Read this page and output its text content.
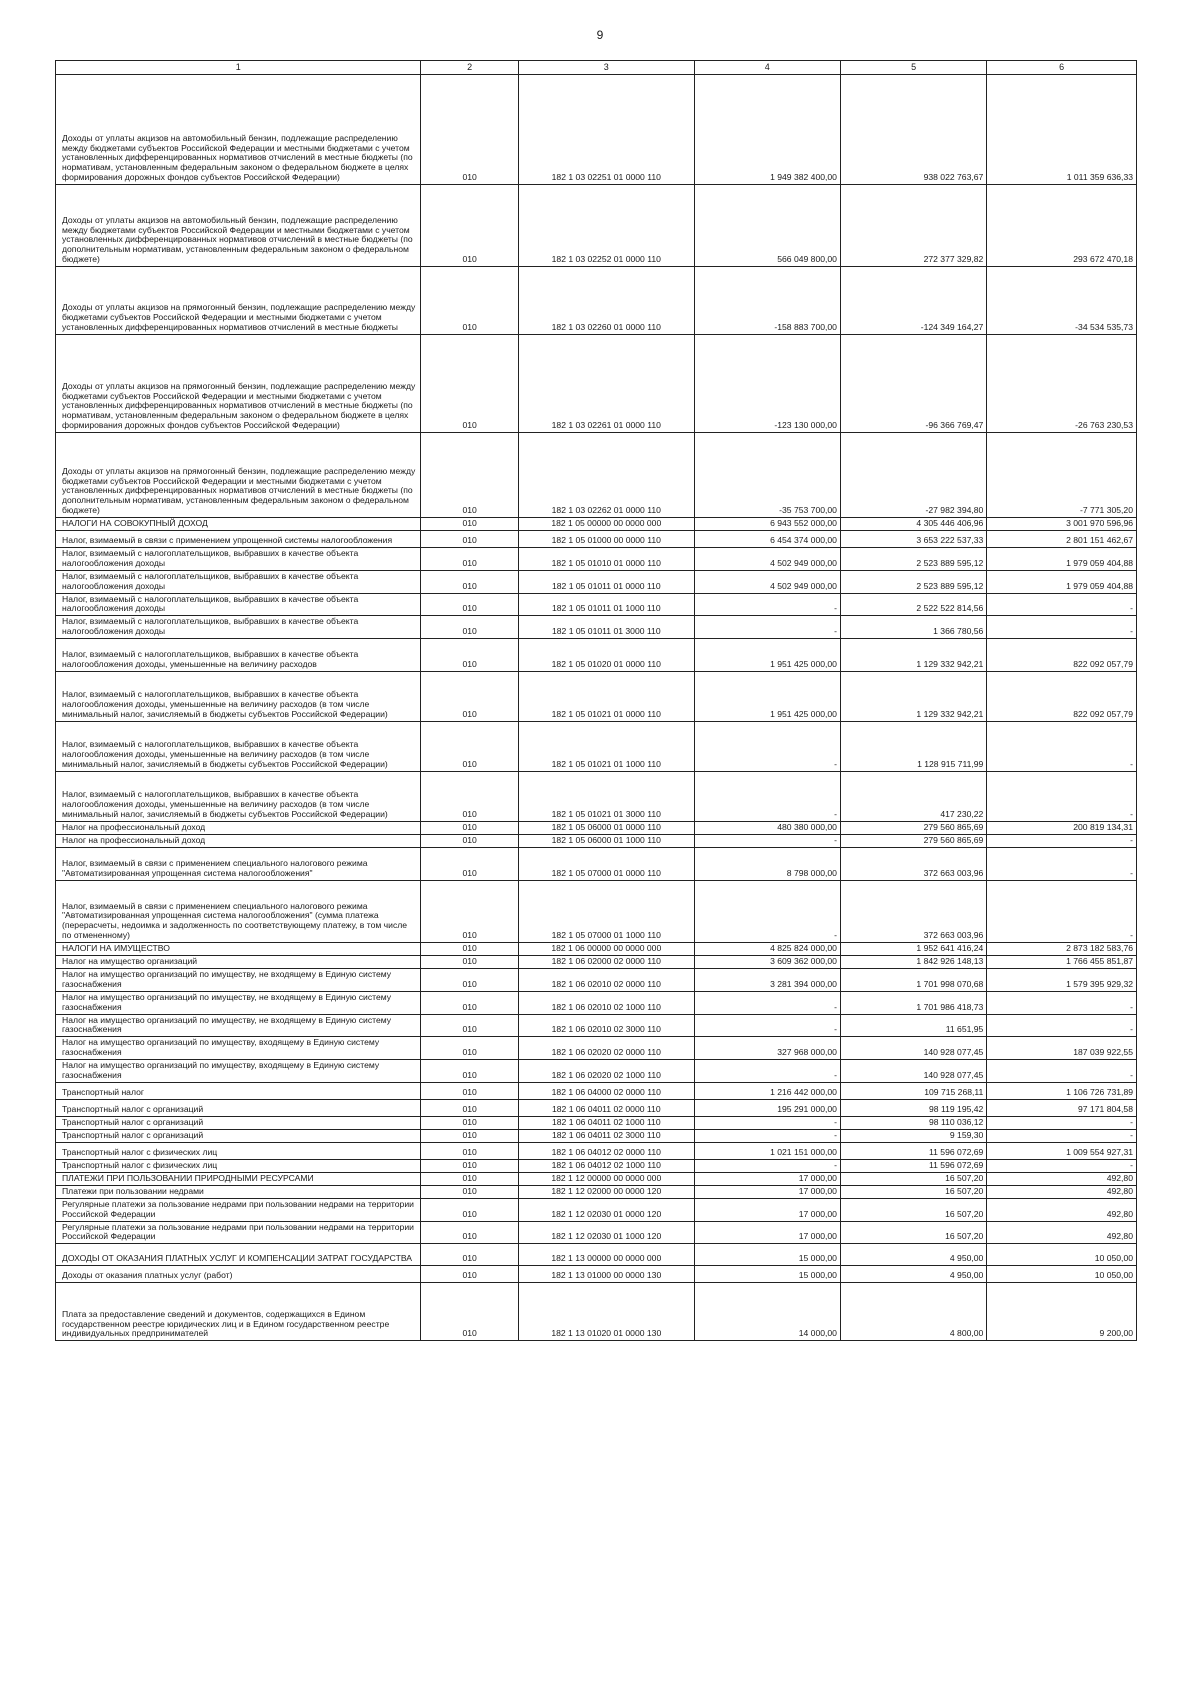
9
1	2	3	4	5	6
Доходы от уплаты акцизов на автомобильный бензин, подлежащие распределению между бюджетами субъектов Российской Федерации и местными бюджетами с учетом установленных дифференцированных нормативов отчислений в местные бюджеты (по нормативам, установленным федеральным законом о федеральном бюджете в целях формирования дорожных фондов субъектов Российской Федерации)	010	182 1 03 02251 01 0000 110	1 949 382 400,00	938 022 763,67	1 011 359 636,33
Доходы от уплаты акцизов на автомобильный бензин, подлежащие распределению между бюджетами субъектов Российской Федерации и местными бюджетами с учетом установленных дифференцированных нормативов отчислений в местные бюджеты (по дополнительным нормативам, установленным федеральным законом о федеральном бюджете)	010	182 1 03 02252 01 0000 110	566 049 800,00	272 377 329,82	293 672 470,18
Доходы от уплаты акцизов на прямогонный бензин, подлежащие распределению между бюджетами субъектов Российской Федерации и местными бюджетами с учетом установленных дифференцированных нормативов отчислений в местные бюджеты	010	182 1 03 02260 01 0000 110	-158 883 700,00	-124 349 164,27	-34 534 535,73
Доходы от уплаты акцизов на прямогонный бензин, подлежащие распределению между бюджетами субъектов Российской Федерации и местными бюджетами с учетом установленных дифференцированных нормативов отчислений в местные бюджеты (по нормативам, установленным федеральным законом о федеральном бюджете в целях формирования дорожных фондов субъектов Российской Федерации)	010	182 1 03 02261 01 0000 110	-123 130 000,00	-96 366 769,47	-26 763 230,53
Доходы от уплаты акцизов на прямогонный бензин, подлежащие распределению между бюджетами субъектов Российской Федерации и местными бюджетами с учетом установленных дифференцированных нормативов отчислений в местные бюджеты (по дополнительным нормативам, установленным федеральным законом о федеральном бюджете)	010	182 1 03 02262 01 0000 110	-35 753 700,00	-27 982 394,80	-7 771 305,20
НАЛОГИ НА СОВОКУПНЫЙ ДОХОД	010	182 1 05 00000 00 0000 000	6 943 552 000,00	4 305 446 406,96	3 001 970 596,96
Налог, взимаемый в связи с применением упрощенной системы налогообложения	010	182 1 05 01000 00 0000 110	6 454 374 000,00	3 653 222 537,33	2 801 151 462,67
Налог, взимаемый с налогоплательщиков, выбравших в качестве объекта налогообложения доходы	010	182 1 05 01010 01 0000 110	4 502 949 000,00	2 523 889 595,12	1 979 059 404,88
Налог, взимаемый с налогоплательщиков, выбравших в качестве объекта налогообложения доходы	010	182 1 05 01011 01 0000 110	4 502 949 000,00	2 523 889 595,12	1 979 059 404,88
Налог, взимаемый с налогоплательщиков, выбравших в качестве объекта налогообложения доходы	010	182 1 05 01011 01 1000 110	-	2 522 522 814,56	-
Налог, взимаемый с налогоплательщиков, выбравших в качестве объекта налогообложения доходы	010	182 1 05 01011 01 3000 110	-	1 366 780,56	-
Налог, взимаемый с налогоплательщиков, выбравших в качестве объекта налогообложения доходы, уменьшенные на величину расходов	010	182 1 05 01020 01 0000 110	1 951 425 000,00	1 129 332 942,21	822 092 057,79
Налог, взимаемый с налогоплательщиков, выбравших в качестве объекта налогообложения доходы, уменьшенные на величину расходов (в том числе минимальный налог, зачисляемый в бюджеты субъектов Российской Федерации)	010	182 1 05 01021 01 0000 110	1 951 425 000,00	1 129 332 942,21	822 092 057,79
Налог, взимаемый с налогоплательщиков, выбравших в качестве объекта налогообложения доходы, уменьшенные на величину расходов (в том числе минимальный налог, зачисляемый в бюджеты субъектов Российской Федерации)	010	182 1 05 01021 01 1000 110	-	1 128 915 711,99	-
Налог, взимаемый с налогоплательщиков, выбравших в качестве объекта налогообложения доходы, уменьшенные на величину расходов (в том числе минимальный налог, зачисляемый в бюджеты субъектов Российской Федерации)	010	182 1 05 01021 01 3000 110	-	417 230,22	-
Налог на профессиональный доход	010	182 1 05 06000 01 0000 110	480 380 000,00	279 560 865,69	200 819 134,31
Налог на профессиональный доход	010	182 1 05 06000 01 1000 110	-	279 560 865,69	-
Налог, взимаемый в связи с применением специального налогового режима "Автоматизированная упрощенная система налогообложения"	010	182 1 05 07000 01 0000 110	8 798 000,00	372 663 003,96	-
Налог, взимаемый в связи с применением специального налогового режима "Автоматизированная упрощенная система налогообложения" (сумма платежа (перерасчеты, недоимка и задолженность по соответствующему платежу, в том числе по отмененному)	010	182 1 05 07000 01 1000 110	-	372 663 003,96	-
НАЛОГИ НА ИМУЩЕСТВО	010	182 1 06 00000 00 0000 000	4 825 824 000,00	1 952 641 416,24	2 873 182 583,76
Налог на имущество организаций	010	182 1 06 02000 02 0000 110	3 609 362 000,00	1 842 926 148,13	1 766 455 851,87
Налог на имущество организаций по имуществу, не входящему в Единую систему газоснабжения	010	182 1 06 02010 02 0000 110	3 281 394 000,00	1 701 998 070,68	1 579 395 929,32
Налог на имущество организаций по имуществу, не входящему в Единую систему газоснабжения	010	182 1 06 02010 02 1000 110	-	1 701 986 418,73	-
Налог на имущество организаций по имуществу, не входящему в Единую систему газоснабжения	010	182 1 06 02010 02 3000 110	-	11 651,95	-
Налог на имущество организаций по имуществу, входящему в Единую систему газоснабжения	010	182 1 06 02020 02 0000 110	327 968 000,00	140 928 077,45	187 039 922,55
Налог на имущество организаций по имуществу, входящему в Единую систему газоснабжения	010	182 1 06 02020 02 1000 110	-	140 928 077,45	-
Транспортный налог	010	182 1 06 04000 02 0000 110	1 216 442 000,00	109 715 268,11	1 106 726 731,89
Транспортный налог с организаций	010	182 1 06 04011 02 0000 110	195 291 000,00	98 119 195,42	97 171 804,58
Транспортный налог с организаций	010	182 1 06 04011 02 1000 110	-	98 110 036,12	-
Транспортный налог с организаций	010	182 1 06 04011 02 3000 110	-	9 159,30	-
Транспортный налог с физических лиц	010	182 1 06 04012 02 0000 110	1 021 151 000,00	11 596 072,69	1 009 554 927,31
Транспортный налог с физических лиц	010	182 1 06 04012 02 1000 110	-	11 596 072,69	-
ПЛАТЕЖИ ПРИ ПОЛЬЗОВАНИИ ПРИРОДНЫМИ РЕСУРСАМИ	010	182 1 12 00000 00 0000 000	17 000,00	16 507,20	492,80
Платежи при пользовании недрами	010	182 1 12 02000 00 0000 120	17 000,00	16 507,20	492,80
Регулярные платежи за пользование недрами при пользовании недрами на территории Российской Федерации	010	182 1 12 02030 01 0000 120	17 000,00	16 507,20	492,80
Регулярные платежи за пользование недрами при пользовании недрами на территории Российской Федерации	010	182 1 12 02030 01 1000 120	17 000,00	16 507,20	492,80
ДОХОДЫ ОТ ОКАЗАНИЯ ПЛАТНЫХ УСЛУГ И КОМПЕНСАЦИИ ЗАТРАТ ГОСУДАРСТВА	010	182 1 13 00000 00 0000 000	15 000,00	4 950,00	10 050,00
Доходы от оказания платных услуг (работ)	010	182 1 13 01000 00 0000 130	15 000,00	4 950,00	10 050,00
Плата за предоставление сведений и документов, содержащихся в Едином государственном реестре юридических лиц и в Едином государственном реестре индивидуальных предпринимателей	010	182 1 13 01020 01 0000 130	14 000,00	4 800,00	9 200,00
